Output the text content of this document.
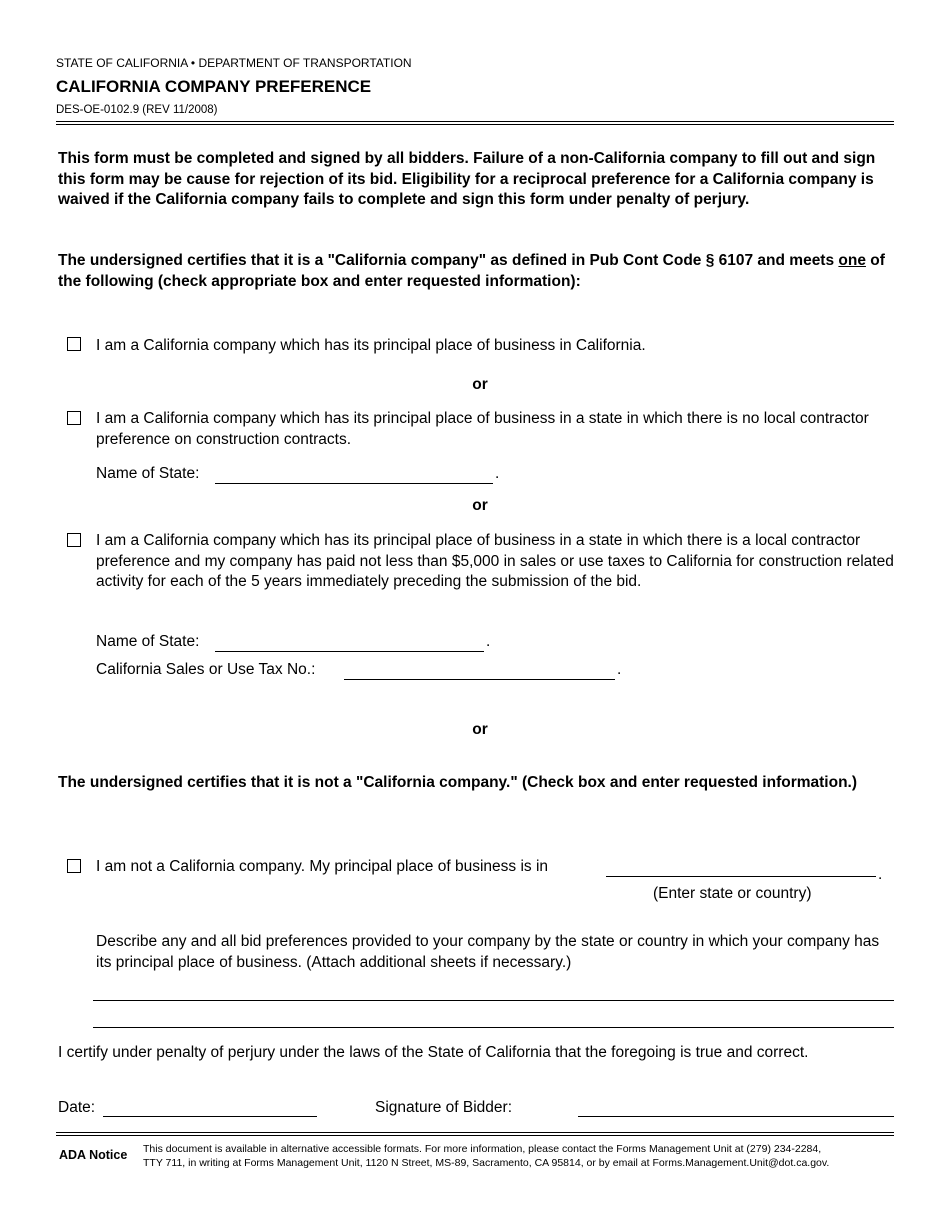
STATE OF CALIFORNIA • DEPARTMENT OF TRANSPORTATION
CALIFORNIA COMPANY PREFERENCE
DES-OE-0102.9 (REV 11/2008)
This form must be completed and signed by all bidders. Failure of a non-California company to fill out and sign this form may be cause for rejection of its bid. Eligibility for a reciprocal preference for a California company is waived if the California company fails to complete and sign this form under penalty of perjury.
The undersigned certifies that it is a "California company" as defined in Pub Cont Code § 6107 and meets one of the following (check appropriate box and enter requested information):
I am a California company which has its principal place of business in California.
or
I am a California company which has its principal place of business in a state in which there is no local contractor preference on construction contracts.
Name of State:	.
or
I am a California company which has its principal place of business in a state in which there is a local contractor preference and my company has paid not less than $5,000 in sales or use taxes to California for construction related activity for each of the 5 years immediately preceding the submission of the bid.
Name of State:	.
California Sales or Use Tax No.:	.
or
The undersigned certifies that it is not a "California company." (Check box and enter requested information.)
I am not a California company. My principal place of business is in	.
(Enter state or country)
Describe any and all bid preferences provided to your company by the state or country in which your company has its principal place of business. (Attach additional sheets if necessary.)
I certify under penalty of perjury under the laws of the State of California that the foregoing is true and correct.
Date:	Signature of Bidder:
ADA Notice This document is available in alternative accessible formats. For more information, please contact the Forms Management Unit at (279) 234-2284,
TTY 711, in writing at Forms Management Unit, 1120 N Street, MS-89, Sacramento, CA 95814, or by email at Forms.Management.Unit@dot.ca.gov.
